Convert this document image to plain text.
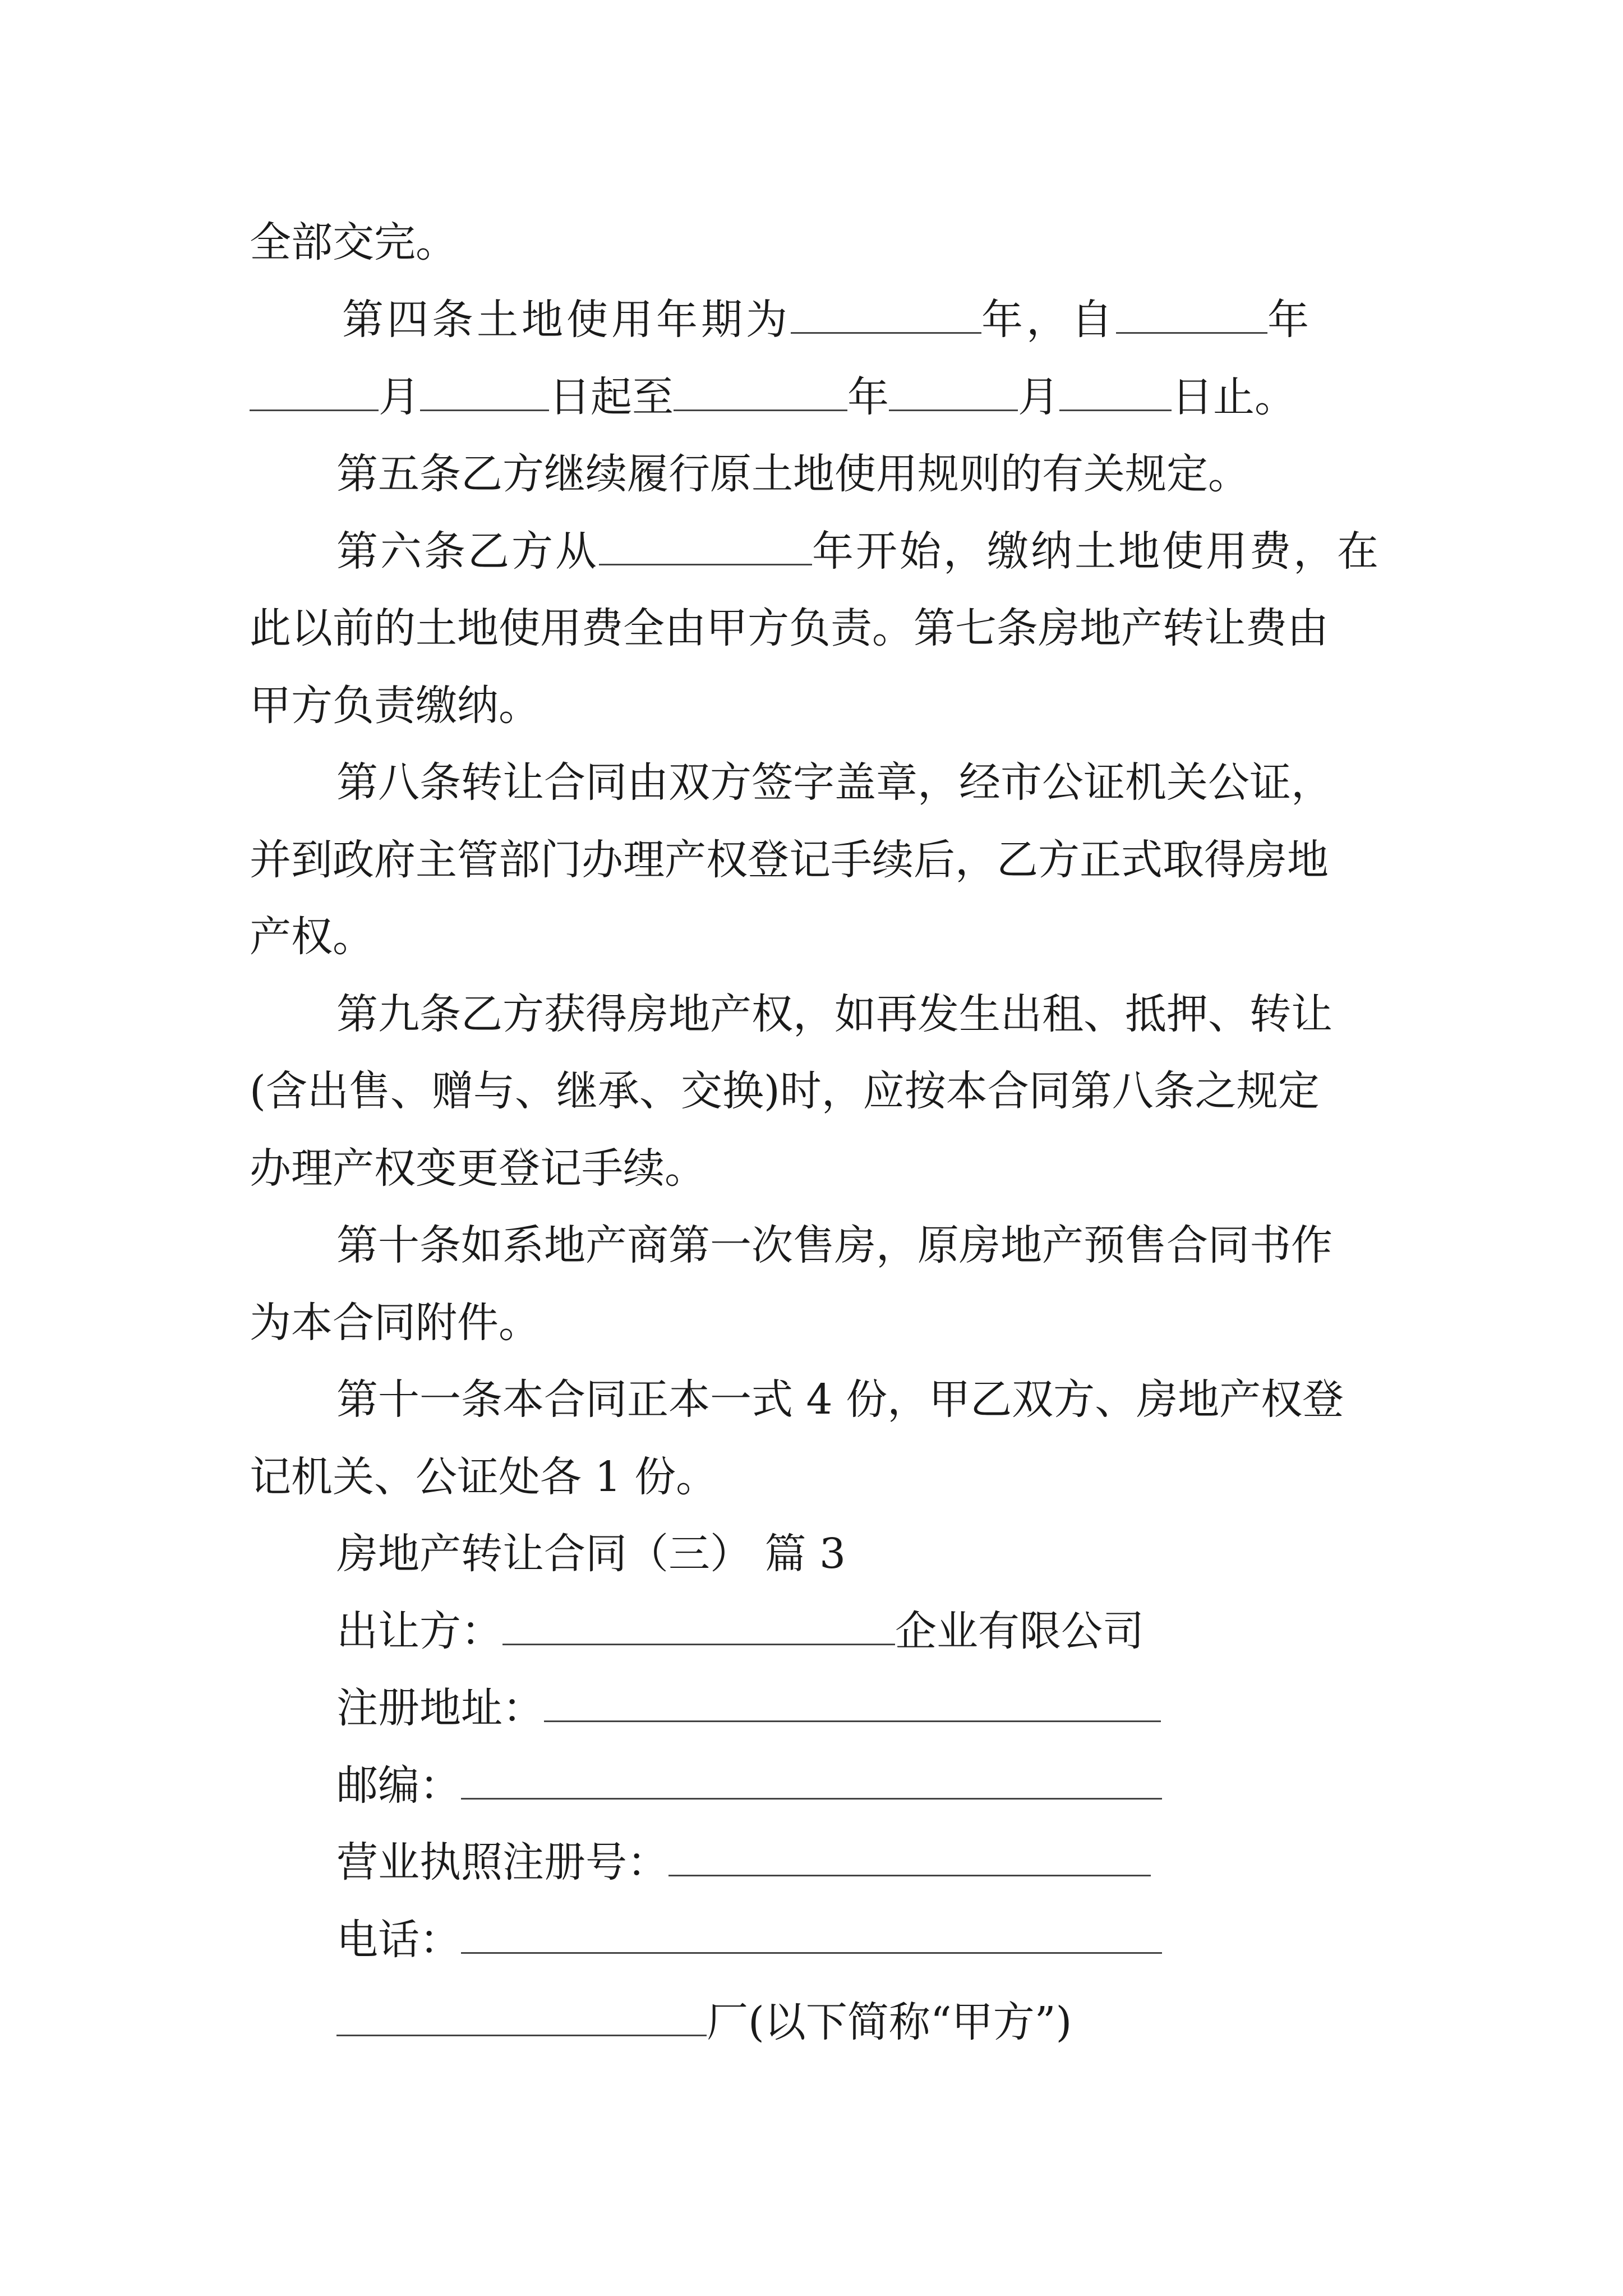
全部交完。
第四条土地使用年期为	年，自	年
月	日起至	年	月	日止。
第五条乙方继续履行原土地使用规则的有关规定。
第六条乙方从	年开始，缴纳土地使用费，在
此以前的土地使用费全由甲方负责。第七条房地产转让费由
甲方负责缴纳。
第八条转让合同由双方签字盖章，经市公证机关公证，
并到政府主管部门办理产权登记手续后，乙方正式取得房地
产权。
第九条乙方获得房地产权，如再发生出租、抵押、转让
(含出售、赠与、继承、交换)时，应按本合同第八条之规定
办理产权变更登记手续。
第十条如系地产商第一次售房，原房地产预售合同书作
为本合同附件。
第十一条本合同正本一式 4 份，甲乙双方、房地产权登
记机关、公证处各 1 份。
房地产转让合同（三） 篇 3
出让方：	企业有限公司
注册地址：
邮编：
营业执照注册号：
电话：
厂(以下简称“甲方”)
